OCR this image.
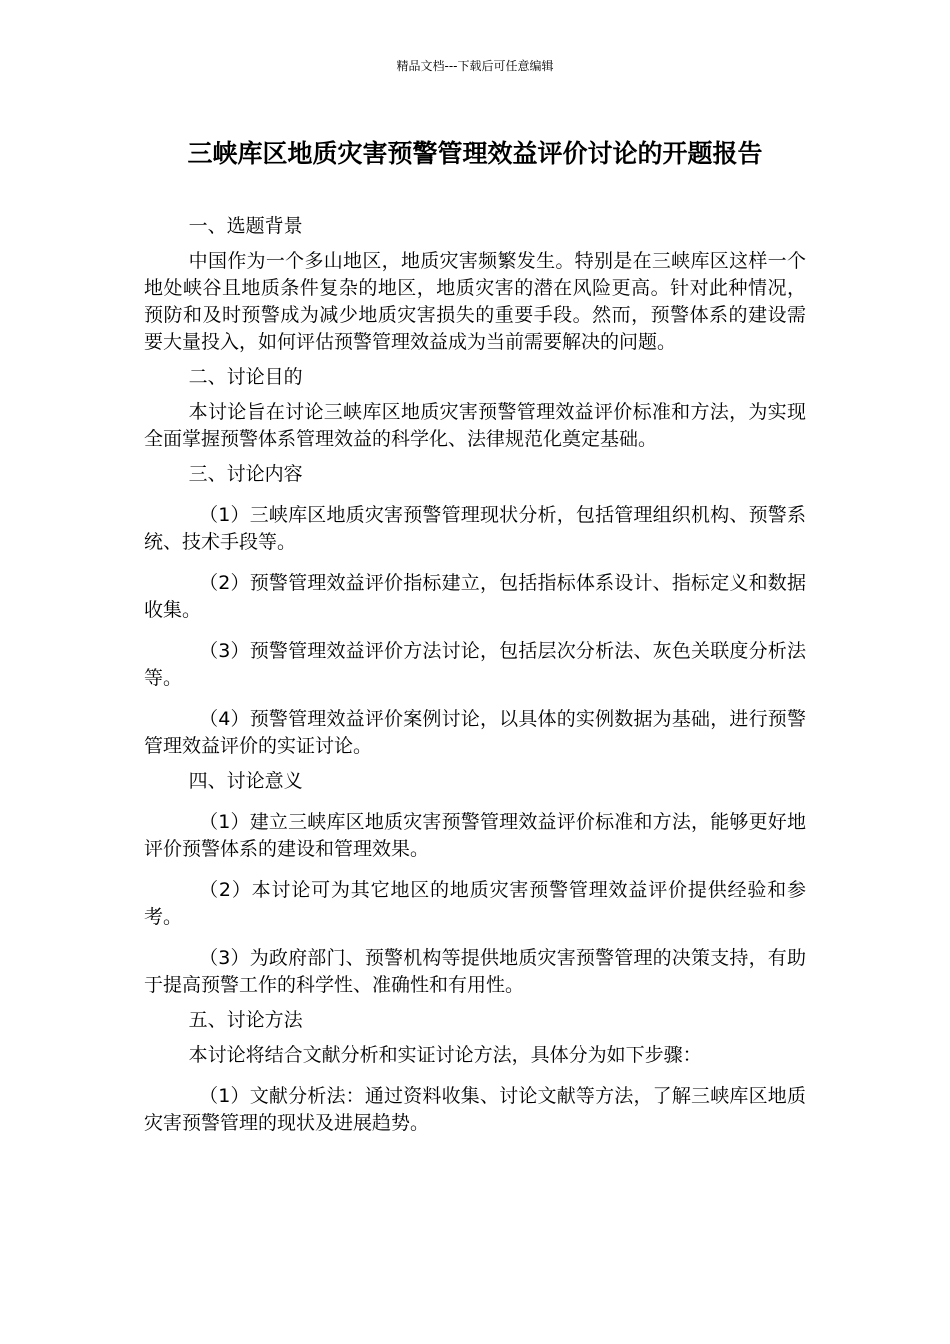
精品文档---下载后可任意编辑
三峡库区地质灾害预警管理效益评价讨论的开题报告

一、选题背景

中国作为一个多山地区，地质灾害频繁发生。特别是在三峡库区这样一个地处峡谷且地质条件复杂的地区，地质灾害的潜在风险更高。针对此种情况，预防和及时预警成为减少地质灾害损失的重要手段。然而，预警体系的建设需要大量投入，如何评估预警管理效益成为当前需要解决的问题。

二、讨论目的

本讨论旨在讨论三峡库区地质灾害预警管理效益评价标准和方法，为实现全面掌握预警体系管理效益的科学化、法律规范化奠定基础。

三、讨论内容

（1）三峡库区地质灾害预警管理现状分析，包括管理组织机构、预警系统、技术手段等。

（2）预警管理效益评价指标建立，包括指标体系设计、指标定义和数据收集。

（3）预警管理效益评价方法讨论，包括层次分析法、灰色关联度分析法等。

（4）预警管理效益评价案例讨论，以具体的实例数据为基础，进行预警管理效益评价的实证讨论。

四、讨论意义

（1）建立三峡库区地质灾害预警管理效益评价标准和方法，能够更好地评价预警体系的建设和管理效果。

（2）本讨论可为其它地区的地质灾害预警管理效益评价提供经验和参考。

（3）为政府部门、预警机构等提供地质灾害预警管理的决策支持，有助于提高预警工作的科学性、准确性和有用性。

五、讨论方法

本讨论将结合文献分析和实证讨论方法，具体分为如下步骤：

（1）文献分析法：通过资料收集、讨论文献等方法，了解三峡库区地质灾害预警管理的现状及进展趋势。
